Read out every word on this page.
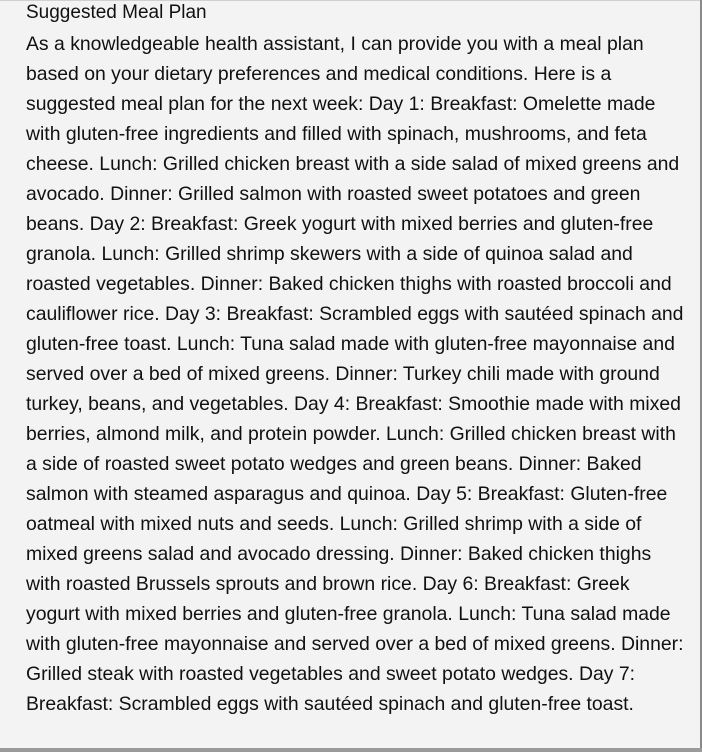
Suggested Meal Plan

As a knowledgeable health assistant, I can provide you with a meal plan based on your dietary preferences and medical conditions. Here is a suggested meal plan for the next week: Day 1: Breakfast: Omelette made with gluten-free ingredients and filled with spinach, mushrooms, and feta cheese. Lunch: Grilled chicken breast with a side salad of mixed greens and avocado. Dinner: Grilled salmon with roasted sweet potatoes and green beans. Day 2: Breakfast: Greek yogurt with mixed berries and gluten-free granola. Lunch: Grilled shrimp skewers with a side of quinoa salad and roasted vegetables. Dinner: Baked chicken thighs with roasted broccoli and cauliflower rice. Day 3: Breakfast: Scrambled eggs with sautéed spinach and gluten-free toast. Lunch: Tuna salad made with gluten-free mayonnaise and served over a bed of mixed greens. Dinner: Turkey chili made with ground turkey, beans, and vegetables. Day 4: Breakfast: Smoothie made with mixed berries, almond milk, and protein powder. Lunch: Grilled chicken breast with a side of roasted sweet potato wedges and green beans. Dinner: Baked salmon with steamed asparagus and quinoa. Day 5: Breakfast: Gluten-free oatmeal with mixed nuts and seeds. Lunch: Grilled shrimp with a side of mixed greens salad and avocado dressing. Dinner: Baked chicken thighs with roasted Brussels sprouts and brown rice. Day 6: Breakfast: Greek yogurt with mixed berries and gluten-free granola. Lunch: Tuna salad made with gluten-free mayonnaise and served over a bed of mixed greens. Dinner: Grilled steak with roasted vegetables and sweet potato wedges. Day 7: Breakfast: Scrambled eggs with sautéed spinach and gluten-free toast.
